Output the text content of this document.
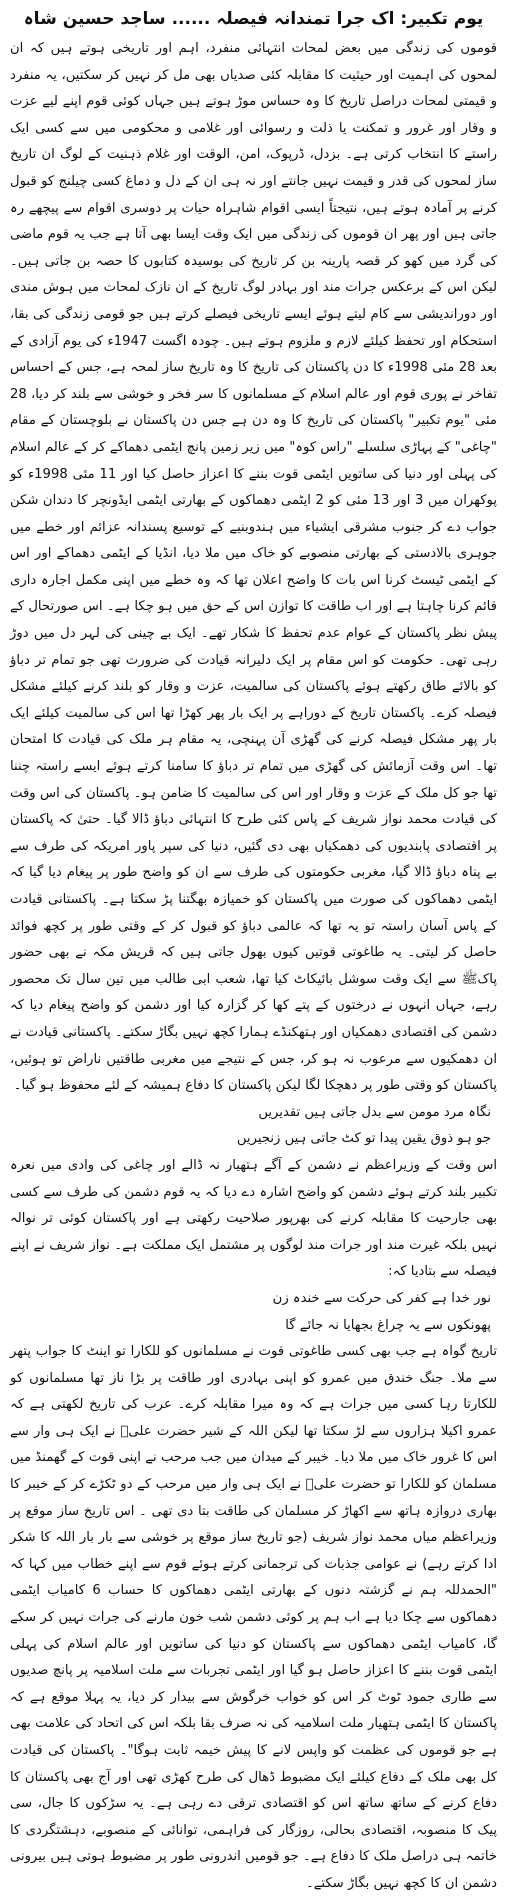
یوم تکبیر: اک جرا تمندانہ فیصلہ......ساجد حسین شاہ

قوموں کی زندگی میں بعض لمحات انتہائی منفرد، اہم اور تاریخی ہوتے ہیں کہ ان لمحوں کی اہمیت اور حیثیت کا مقابلہ کئی صدیاں بھی مل کر نہیں کر سکتیں، یہ منفرد و قیمتی لمحات دراصل تاریخ کا وہ حساس موڑ ہوتے ہیں جہاں کوئی قوم اپنے لیے عزت و وقار اور غرور و تمکنت یا ذلت و رسوائی اور غلامی و محکومی میں سے کسی ایک راستے کا انتخاب کرتی ہے۔ بزدل، ڈرپوک، امن، الوقت اور غلام ذہنیت کے لوگ ان تاریخ ساز لمحوں کی قدر و قیمت نہیں جانتے اور نہ ہی ان کے دل و دماغ کسی چیلنج کو قبول کرنے پر آمادہ ہوتے ہیں، نتیجتاً ایسی اقوام شاہراہ حیات پر دوسری اقوام سے پیچھے رہ جاتی ہیں اور پھر ان قوموں کی زندگی میں ایک وقت ایسا بھی آتا ہے جب یہ قوم ماضی کی گرد میں کھو کر قصہ پارینہ بن کر تاریخ کی بوسیدہ کتابوں کا حصہ بن جاتی ہیں۔ لیکن اس کے برعکس جرات مند اور بہادر لوگ تاریخ کے ان نازک لمحات میں ہوش مندی اور دوراندیشی سے کام لیتے ہوئے ایسے تاریخی فیصلے کرتے ہیں جو قومی زندگی کی بقا، استحکام اور تحفظ کیلئے لازم و ملزوم ہوتے ہیں۔ چودہ اگست 1947ء کی یوم آزادی کے بعد 28 مئی 1998ء کا دن پاکستان کی تاریخ کا وہ تاریخ ساز لمحہ ہے، جس کے احساس تفاخر نے پوری قوم اور عالم اسلام کے مسلمانوں کا سر فخر و خوشی سے بلند کر دیا، 28 مئی "یوم تکبیر" پاکستان کی تاریخ کا وہ دن ہے جس دن پاکستان نے بلوچستان کے مقام "چاغی" کے پہاڑی سلسلے "راس کوہ" میں زیر زمین پانچ ایٹمی دھماکے کر کے عالم اسلام کی پہلی اور دنیا کی ساتویں ایٹمی قوت بننے کا اعزاز حاصل کیا اور 11 مئی 1998ء کو پوکھران میں 3 اور 13 مئی کو 2 ایٹمی دھماکوں کے بھارتی ایٹمی ایڈونچر کا دندان شکن جواب دے کر جنوب مشرقی ایشیاء میں ہندوبنیے کے توسیع پسندانہ عزائم اور خطے میں جوہری بالادستی کے بھارتی منصوبے کو خاک میں ملا دیا، انڈیا کے ایٹمی دھماکے اور اس کے ایٹمی ٹیسٹ کرنا اس بات کا واضح اعلان تھا کہ وہ خطے میں اپنی مکمل اجارہ داری قائم کرنا چاہتا ہے اور اب طاقت کا توازن اس کے حق میں ہو چکا ہے۔ اس صورتحال کے پیش نظر پاکستان کے عوام عدم تحفظ کا شکار تھے۔ ایک بے چینی کی لہر دل میں دوڑ رہی تھی۔ حکومت کو اس مقام پر ایک دلیرانہ قیادت کی ضرورت تھی جو تمام تر دباؤ کو بالائے طاق رکھتے ہوئے پاکستان کی سالمیت، عزت و وقار کو بلند کرنے کیلئے مشکل فیصلہ کرے۔ پاکستان تاریخ کے دوراہے پر ایک بار پھر کھڑا تھا اس کی سالمیت کیلئے ایک بار پھر مشکل فیصلہ کرنے کی گھڑی آن پہنچی، یہ مقام ہر ملک کی قیادت کا امتحان تھا۔ اس وقت آزمائش کی گھڑی میں تمام تر دباؤ کا سامنا کرتے ہوئے ایسے راستہ چننا تھا جو کل ملک کے عزت و وقار اور اس کی سالمیت کا ضامن ہو۔ پاکستان کی اس وقت کی قیادت محمد نواز شریف کے پاس کئی طرح کا انتہائی دباؤ ڈالا گیا۔ حتیٰ کہ پاکستان پر اقتصادی پابندیوں کی دھمکیاں بھی دی گئیں، دنیا کی سپر پاور امریکہ کی طرف سے بے پناہ دباؤ ڈالا گیا، مغربی حکومتوں کی طرف سے ان کو واضح طور پر پیغام دیا گیا کہ ایٹمی دھماکوں کی صورت میں پاکستان کو خمیازہ بھگتنا پڑ سکتا ہے۔ پاکستانی قیادت کے پاس آسان راستہ تو یہ تھا کہ عالمی دباؤ کو قبول کر کے وقتی طور پر کچھ فوائد حاصل کر لیتی۔ یہ طاغوتی قوتیں کیوں بھول جاتی ہیں کہ قریش مکہ نے بھی حضور پاکﷺ سے ایک وقت سوشل بائیکاٹ کیا تھا، شعب ابی طالب میں تین سال تک محصور رہے، جہاں انہوں نے درختوں کے پتے کھا کر گزارہ کیا اور دشمن کو واضح پیغام دیا کہ دشمن کی اقتصادی دھمکیاں اور ہتھکنڈے ہمارا کچھ نہیں بگاڑ سکتے۔ پاکستانی قیادت نے ان دھمکیوں سے مرعوب نہ ہو کر، جس کے نتیجے میں مغربی طاقتیں ناراض تو ہوئیں، پاکستان کو وقتی طور پر دھچکا لگا لیکن پاکستان کا دفاع ہمیشہ کے لئے محفوظ ہو گیا۔

نگاہ مرد مومن سے بدل جاتی ہیں تقدیریں
جو ہو ذوق یقین پیدا تو کٹ جاتی ہیں زنجیریں

اس وقت کے وزیراعظم نے دشمن کے آگے ہتھیار نہ ڈالے اور چاغی کی وادی میں نعرہ تکبیر بلند کرتے ہوئے دشمن کو واضح اشارہ دے دیا کہ یہ قوم دشمن کی طرف سے کسی بھی جارحیت کا مقابلہ کرنے کی بھرپور صلاحیت رکھتی ہے اور پاکستان کوئی تر نوالہ نہیں بلکہ غیرت مند اور جرات مند لوگوں پر مشتمل ایک مملکت ہے۔ نواز شریف نے اپنے فیصلہ سے بتادیا کہ:

نور خدا ہے کفر کی حرکت سے خندہ زن
پھونکوں سے یہ چراغ بجھایا نہ جائے گا

تاریخ گواہ ہے جب بھی کسی طاغوتی قوت نے مسلمانوں کو للکارا تو اینٹ کا جواب پتھر سے ملا۔ جنگ خندق میں عمرو کو اپنی بہادری اور طاقت پر بڑا ناز تھا مسلمانوں کو للکارتا رہا کسی میں جرات ہے کہ وہ میرا مقابلہ کرے۔ عرب کی تاریخ لکھتی ہے کہ عمرو اکیلا ہزاروں سے لڑ سکتا تھا لیکن اللہ کے شیر حضرت علیؓ نے ایک ہی وار سے اس کا غرور خاک میں ملا دیا۔ خیبر کے میدان میں جب مرحب نے اپنی قوت کے گھمنڈ میں مسلمان کو للکارا تو حضرت علیؓ نے ایک ہی وار میں مرحب کے دو ٹکڑے کر کے خیبر کا بھاری دروازہ ہاتھ سے اکھاڑ کر مسلمان کی طاقت بتا دی تھی ۔ اس تاریخ ساز موقع پر وزیراعظم میاں محمد نواز شریف (جو تاریخ ساز موقع پر خوشی سے بار بار اللہ کا شکر ادا کرتے رہے) نے عوامی جذبات کی ترجمانی کرتے ہوئے قوم سے اپنے خطاب میں کہا کہ "الحمدللہ ہم نے گزشتہ دنوں کے بھارتی ایٹمی دھماکوں کا حساب 6 کامیاب ایٹمی دھماکوں سے چکا دیا ہے اب ہم پر کوئی دشمن شب خون مارنے کی جرات نہیں کر سکے گا، کامیاب ایٹمی دھماکوں سے پاکستان کو دنیا کی ساتویں اور عالم اسلام کی پہلی ایٹمی قوت بننے کا اعزاز حاصل ہو گیا اور ایٹمی تجربات سے ملت اسلامیہ پر پانچ صدیوں سے طاری جمود ٹوٹ کر اس کو خواب خرگوش سے بیدار کر دیا، یہ پہلا موقع ہے کہ پاکستان کا ایٹمی ہتھیار ملت اسلامیہ کی نہ صرف بقا بلکہ اس کی اتحاد کی علامت بھی ہے جو قوموں کی عظمت کو واپس لانے کا پیش خیمہ ثابت ہوگا"۔ پاکستان کی قیادت کل بھی ملک کے دفاع کیلئے ایک مضبوط ڈھال کی طرح کھڑی تھی اور آج بھی پاکستان کا دفاع کرنے کے ساتھ ساتھ اس کو اقتصادی ترقی دے رہی ہے۔ یہ سڑکوں کا جال، سی پیک کا منصوبہ، اقتصادی بحالی، روزگار کی فراہمی، توانائی کے منصوبے، دہشتگردی کا خاتمہ ہی دراصل ملک کا دفاع ہے۔ جو قومیں اندرونی طور پر مضبوط ہوتی ہیں بیرونی دشمن ان کا کچھ نہیں بگاڑ سکتے۔
